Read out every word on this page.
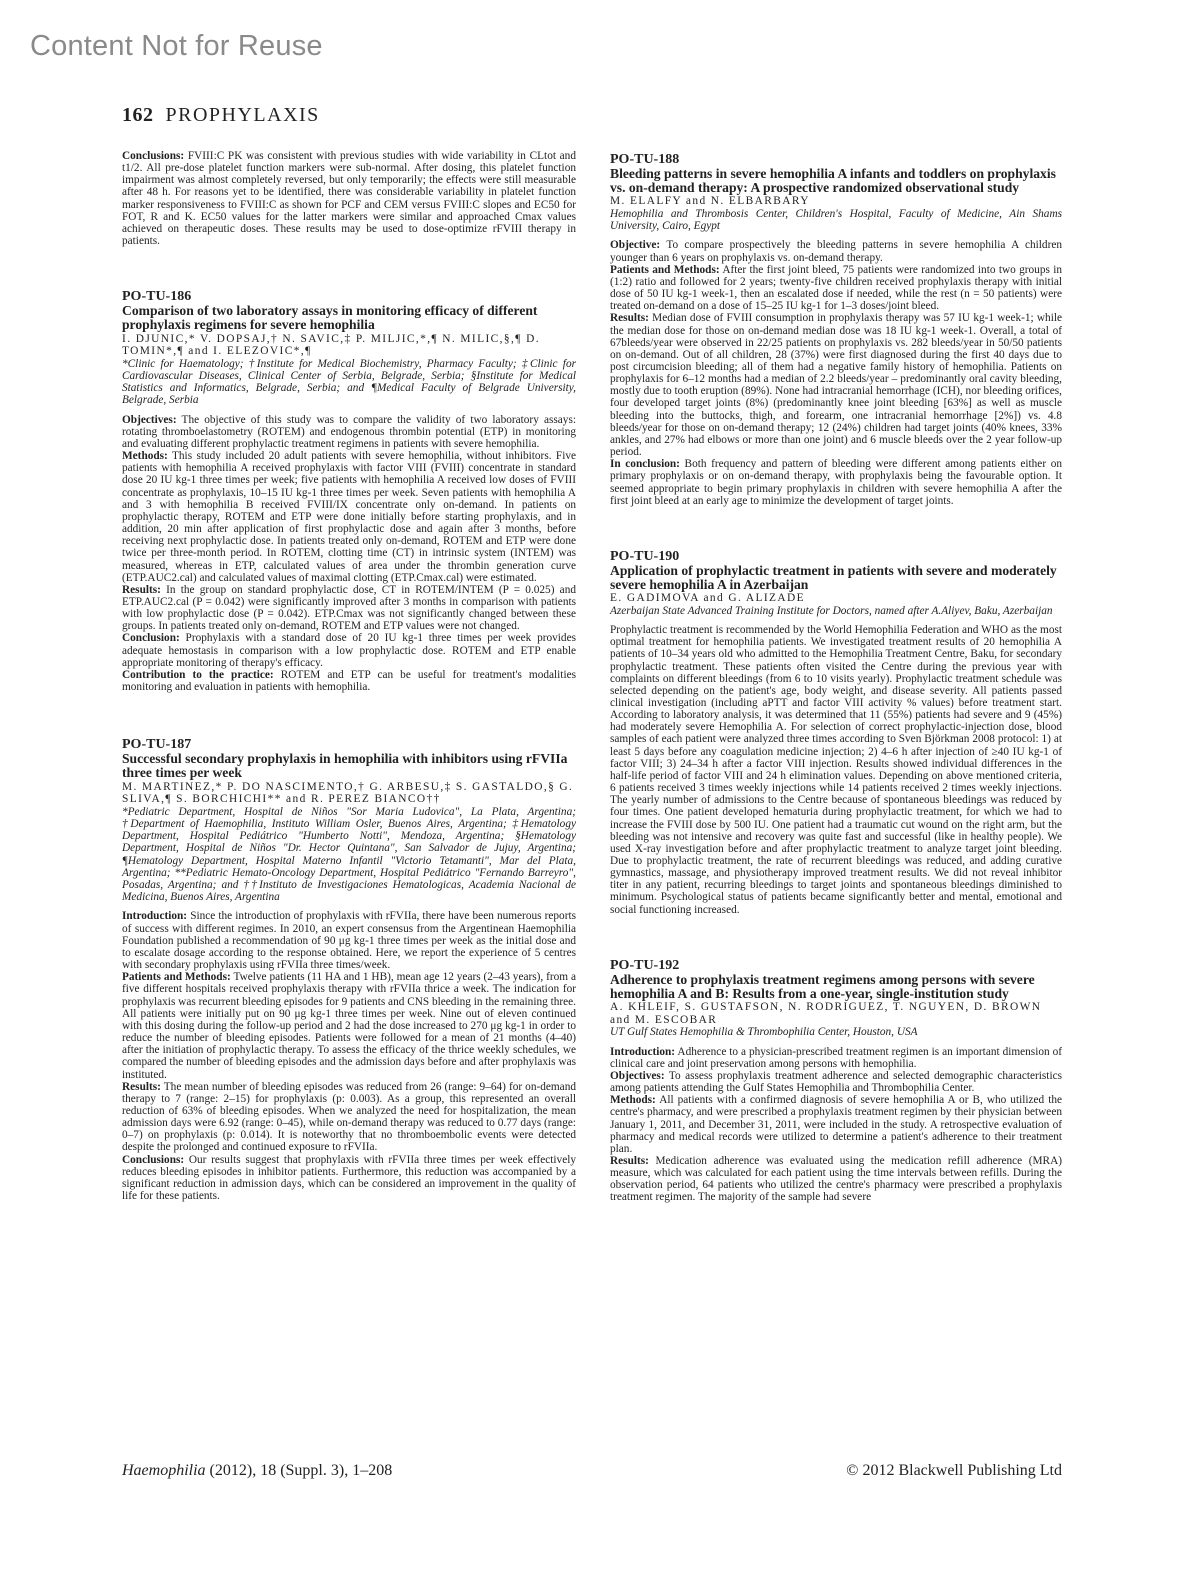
Content Not for Reuse
162 PROPHYLAXIS

Conclusions: FVIII:C PK was consistent with previous studies with wide variability in CLtot and t1/2. All pre-dose platelet function markers were sub-normal. After dosing, this platelet function impairment was almost completely reversed, but only temporarily; the effects were still measurable after 48 h. For reasons yet to be identified, there was considerable variability in platelet function marker responsiveness to FVIII:C as shown for PCF and CEM versus FVIII:C slopes and EC50 for FOT, R and K. EC50 values for the latter markers were similar and approached Cmax values achieved on therapeutic doses. These results may be used to dose-optimize rFVIII therapy in patients.

PO-TU-186

Comparison of two laboratory assays in monitoring efficacy of different prophylaxis regimens for severe hemophilia

I. DJUNIC,* V. DOPSAJ,† N. SAVIC,‡ P. MILJIC,*,¶ N. MILIC,§,¶ D. TOMIN*,¶ and I. ELEZOVIC*,¶

*Clinic for Haematology; †Institute for Medical Biochemistry, Pharmacy Faculty; ‡Clinic for Cardiovascular Diseases, Clinical Center of Serbia, Belgrade, Serbia; §Institute for Medical Statistics and Informatics, Belgrade, Serbia; and ¶Medical Faculty of Belgrade University, Belgrade, Serbia

Objectives: The objective of this study was to compare the validity of two laboratory assays: rotating thromboelastometry (ROTEM) and endogenous thrombin potential (ETP) in monitoring and evaluating different prophylactic treatment regimens in patients with severe hemophilia.

Methods: This study included 20 adult patients with severe hemophilia, without inhibitors. Five patients with hemophilia A received prophylaxis with factor VIII (FVIII) concentrate in standard dose 20 IU kg-1 three times per week; five patients with hemophilia A received low doses of FVIII concentrate as prophylaxis, 10–15 IU kg-1 three times per week. Seven patients with hemophilia A and 3 with hemophilia B received FVIII/IX concentrate only on-demand. In patients on prophylactic therapy, ROTEM and ETP were done initially before starting prophylaxis, and in addition, 20 min after application of first prophylactic dose and again after 3 months, before receiving next prophylactic dose. In patients treated only on-demand, ROTEM and ETP were done twice per three-month period. In ROTEM, clotting time (CT) in intrinsic system (INTEM) was measured, whereas in ETP, calculated values of area under the thrombin generation curve (ETP.AUC2.cal) and calculated values of maximal clotting (ETP.Cmax.cal) were estimated.

Results: In the group on standard prophylactic dose, CT in ROTEM/INTEM (P = 0.025) and ETP.AUC2.cal (P = 0.042) were significantly improved after 3 months in comparison with patients with low prophylactic dose (P = 0.042). ETP.Cmax was not significantly changed between these groups. In patients treated only on-demand, ROTEM and ETP values were not changed.

Conclusion: Prophylaxis with a standard dose of 20 IU kg-1 three times per week provides adequate hemostasis in comparison with a low prophylactic dose. ROTEM and ETP enable appropriate monitoring of therapy's efficacy.

Contribution to the practice: ROTEM and ETP can be useful for treatment's modalities monitoring and evaluation in patients with hemophilia.

PO-TU-187

Successful secondary prophylaxis in hemophilia with inhibitors using rFVIIa three times per week

M. MARTINEZ,* P. DO NASCIMENTO,† G. ARBESU,‡ S. GASTALDO,§ G. SLIVA,¶ S. BORCHICHI** and R. PEREZ BIANCO††

*Pediatric Department, Hospital de Niños "Sor Maria Ludovica", La Plata, Argentina; †Department of Haemophilia, Instituto William Osler, Buenos Aires, Argentina; ‡Hematology Department, Hospital Pediátrico "Humberto Notti", Mendoza, Argentina; §Hematology Department, Hospital de Niños "Dr. Hector Quintana", San Salvador de Jujuy, Argentina; ¶Hematology Department, Hospital Materno Infantil "Victorio Tetamanti", Mar del Plata, Argentina; **Pediatric Hemato-Oncology Department, Hospital Pediátrico "Fernando Barreyro", Posadas, Argentina; and ††Instituto de Investigaciones Hematologicas, Academia Nacional de Medicina, Buenos Aires, Argentina

Introduction: Since the introduction of prophylaxis with rFVIIa, there have been numerous reports of success with different regimes. In 2010, an expert consensus from the Argentinean Haemophilia Foundation published a recommendation of 90 μg kg-1 three times per week as the initial dose and to escalate dosage according to the response obtained. Here, we report the experience of 5 centres with secondary prophylaxis using rFVIIa three times/week.

Patients and Methods: Twelve patients (11 HA and 1 HB), mean age 12 years (2–43 years), from a five different hospitals received prophylaxis therapy with rFVIIa thrice a week. The indication for prophylaxis was recurrent bleeding episodes for 9 patients and CNS bleeding in the remaining three. All patients were initially put on 90 μg kg-1 three times per week. Nine out of eleven continued with this dosing during the follow-up period and 2 had the dose increased to 270 μg kg-1 in order to reduce the number of bleeding episodes. Patients were followed for a mean of 21 months (4–40) after the initiation of prophylactic therapy. To assess the efficacy of the thrice weekly schedules, we compared the number of bleeding episodes and the admission days before and after prophylaxis was instituted.

Results: The mean number of bleeding episodes was reduced from 26 (range: 9–64) for on-demand therapy to 7 (range: 2–15) for prophylaxis (p: 0.003). As a group, this represented an overall reduction of 63% of bleeding episodes. When we analyzed the need for hospitalization, the mean admission days were 6.92 (range: 0–45), while on-demand therapy was reduced to 0.77 days (range: 0–7) on prophylaxis (p: 0.014). It is noteworthy that no thromboembolic events were detected despite the prolonged and continued exposure to rFVIIa.

Conclusions: Our results suggest that prophylaxis with rFVIIa three times per week effectively reduces bleeding episodes in inhibitor patients. Furthermore, this reduction was accompanied by a significant reduction in admission days, which can be considered an improvement in the quality of life for these patients.

PO-TU-188

Bleeding patterns in severe hemophilia A infants and toddlers on prophylaxis vs. on-demand therapy: A prospective randomized observational study

M. ELALFY and N. ELBARBARY

Hemophilia and Thrombosis Center, Children's Hospital, Faculty of Medicine, Ain Shams University, Cairo, Egypt

Objective: To compare prospectively the bleeding patterns in severe hemophilia A children younger than 6 years on prophylaxis vs. on-demand therapy.

Patients and Methods: After the first joint bleed, 75 patients were randomized into two groups in (1:2) ratio and followed for 2 years; twenty-five children received prophylaxis therapy with initial dose of 50 IU kg-1 week-1, then an escalated dose if needed, while the rest (n = 50 patients) were treated on-demand on a dose of 15–25 IU kg-1 for 1–3 doses/joint bleed.

Results: Median dose of FVIII consumption in prophylaxis therapy was 57 IU kg-1 week-1; while the median dose for those on on-demand median dose was 18 IU kg-1 week-1. Overall, a total of 67bleeds/year were observed in 22/25 patients on prophylaxis vs. 282 bleeds/year in 50/50 patients on on-demand. Out of all children, 28 (37%) were first diagnosed during the first 40 days due to post circumcision bleeding; all of them had a negative family history of hemophilia. Patients on prophylaxis for 6–12 months had a median of 2.2 bleeds/year – predominantly oral cavity bleeding, mostly due to tooth eruption (89%). None had intracranial hemorrhage (ICH), nor bleeding orifices, four developed target joints (8%) (predominantly knee joint bleeding [63%] as well as muscle bleeding into the buttocks, thigh, and forearm, one intracranial hemorrhage [2%]) vs. 4.8 bleeds/year for those on on-demand therapy; 12 (24%) children had target joints (40% knees, 33% ankles, and 27% had elbows or more than one joint) and 6 muscle bleeds over the 2 year follow-up period.

In conclusion: Both frequency and pattern of bleeding were different among patients either on primary prophylaxis or on on-demand therapy, with prophylaxis being the favourable option. It seemed appropriate to begin primary prophylaxis in children with severe hemophilia A after the first joint bleed at an early age to minimize the development of target joints.

PO-TU-190

Application of prophylactic treatment in patients with severe and moderately severe hemophilia A in Azerbaijan

E. GADIMOVA and G. ALIZADE

Azerbaijan State Advanced Training Institute for Doctors, named after A.Aliyev, Baku, Azerbaijan

Prophylactic treatment is recommended by the World Hemophilia Federation and WHO as the most optimal treatment for hemophilia patients. We investigated treatment results of 20 hemophilia A patients of 10–34 years old who admitted to the Hemophilia Treatment Centre, Baku, for secondary prophylactic treatment. These patients often visited the Centre during the previous year with complaints on different bleedings (from 6 to 10 visits yearly). Prophylactic treatment schedule was selected depending on the patient's age, body weight, and disease severity. All patients passed clinical investigation (including aPTT and factor VIII activity % values) before treatment start. According to laboratory analysis, it was determined that 11 (55%) patients had severe and 9 (45%) had moderately severe Hemophilia A. For selection of correct prophylactic-injection dose, blood samples of each patient were analyzed three times according to Sven Björkman 2008 protocol: 1) at least 5 days before any coagulation medicine injection; 2) 4–6 h after injection of ≥40 IU kg-1 of factor VIII; 3) 24–34 h after a factor VIII injection. Results showed individual differences in the half-life period of factor VIII and 24 h elimination values. Depending on above mentioned criteria, 6 patients received 3 times weekly injections while 14 patients received 2 times weekly injections. The yearly number of admissions to the Centre because of spontaneous bleedings was reduced by four times. One patient developed hematuria during prophylactic treatment, for which we had to increase the FVIII dose by 500 IU. One patient had a traumatic cut wound on the right arm, but the bleeding was not intensive and recovery was quite fast and successful (like in healthy people). We used X-ray investigation before and after prophylactic treatment to analyze target joint bleeding. Due to prophylactic treatment, the rate of recurrent bleedings was reduced, and adding curative gymnastics, massage, and physiotherapy improved treatment results. We did not reveal inhibitor titer in any patient, recurring bleedings to target joints and spontaneous bleedings diminished to minimum. Psychological status of patients became significantly better and mental, emotional and social functioning increased.

PO-TU-192

Adherence to prophylaxis treatment regimens among persons with severe hemophilia A and B: Results from a one-year, single-institution study

A. KHLEIF, S. GUSTAFSON, N. RODRIGUEZ, T. NGUYEN, D. BROWN and M. ESCOBAR

UT Gulf States Hemophilia & Thrombophilia Center, Houston, USA

Introduction: Adherence to a physician-prescribed treatment regimen is an important dimension of clinical care and joint preservation among persons with hemophilia.

Objectives: To assess prophylaxis treatment adherence and selected demographic characteristics among patients attending the Gulf States Hemophilia and Thrombophilia Center.

Methods: All patients with a confirmed diagnosis of severe hemophilia A or B, who utilized the centre's pharmacy, and were prescribed a prophylaxis treatment regimen by their physician between January 1, 2011, and December 31, 2011, were included in the study. A retrospective evaluation of pharmacy and medical records were utilized to determine a patient's adherence to their treatment plan.

Results: Medication adherence was evaluated using the medication refill adherence (MRA) measure, which was calculated for each patient using the time intervals between refills. During the observation period, 64 patients who utilized the centre's pharmacy were prescribed a prophylaxis treatment regimen. The majority of the sample had severe

Haemophilia (2012), 18 (Suppl. 3), 1–208	© 2012 Blackwell Publishing Ltd
